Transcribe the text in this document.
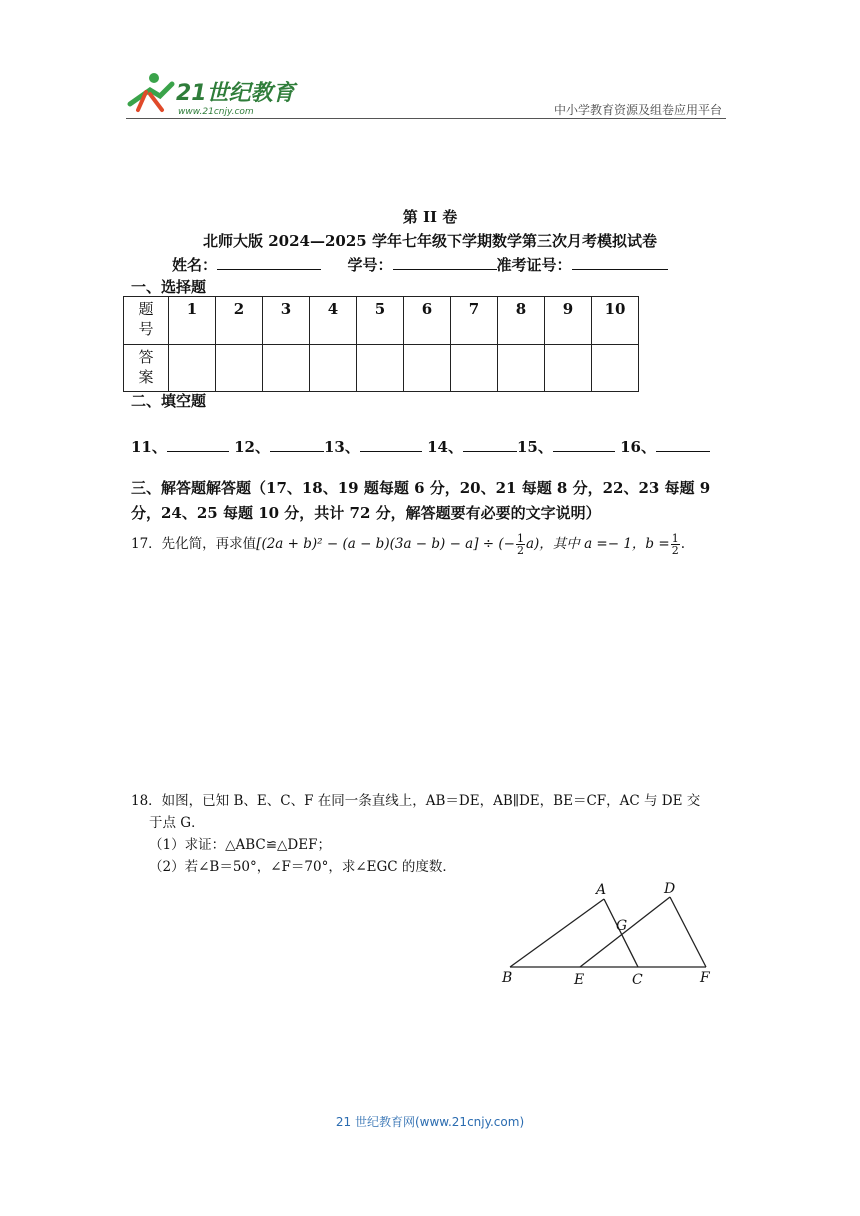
21世纪教育
www.21cnjy.com	中小学教育资源及组卷应用平台
第 II 卷
北师大版 2024—2025 学年七年级下学期数学第三次月考模拟试卷
姓名：	学号：	准考证号：
一、选择题
题号	1	2	3	4	5	6	7	8	9	10
答案										
二、填空题
11、	12、	13、	14、	15、	16、
三、解答题解答题（17、18、19 题每题 6 分，20、21 每题 8 分，22、23 每题 9 分，24、25 每题 10 分，共计 72 分，解答题要有必要的文字说明）
17．先化简，再求值[(2a + b)² − (a − b)(3a − b) − a] ÷ (− $\frac{1}{2} a$)，其中 a =− 1，$b = \frac{1}{2}$ .
18．如图，已知 B、E、C、F 在同一条直线上，AB＝DE，AB∥DE，BE＝CF，AC 与 DE 交

于点 G．
（1）求证：△ABC≌△DEF；
（2）若∠B＝50°，∠F＝70°，求∠EGC 的度数．
A	D
G
B	E	C	F
21 世纪教育网(www.21cnjy.com)
